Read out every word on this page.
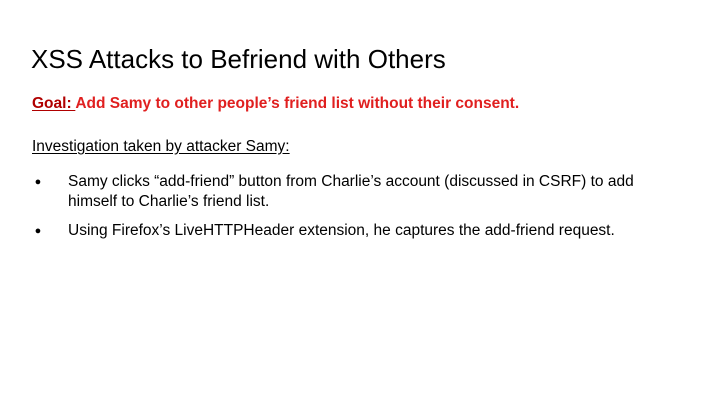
XSS Attacks to Befriend with Others
Goal: Add Samy to other people’s friend list without their consent.
Investigation taken by attacker Samy:
● Samy clicks “add-friend” button from Charlie’s account (discussed in CSRF) to add himself to Charlie’s friend list.
● Using Firefox’s LiveHTTPHeader extension, he captures the add-friend request.
